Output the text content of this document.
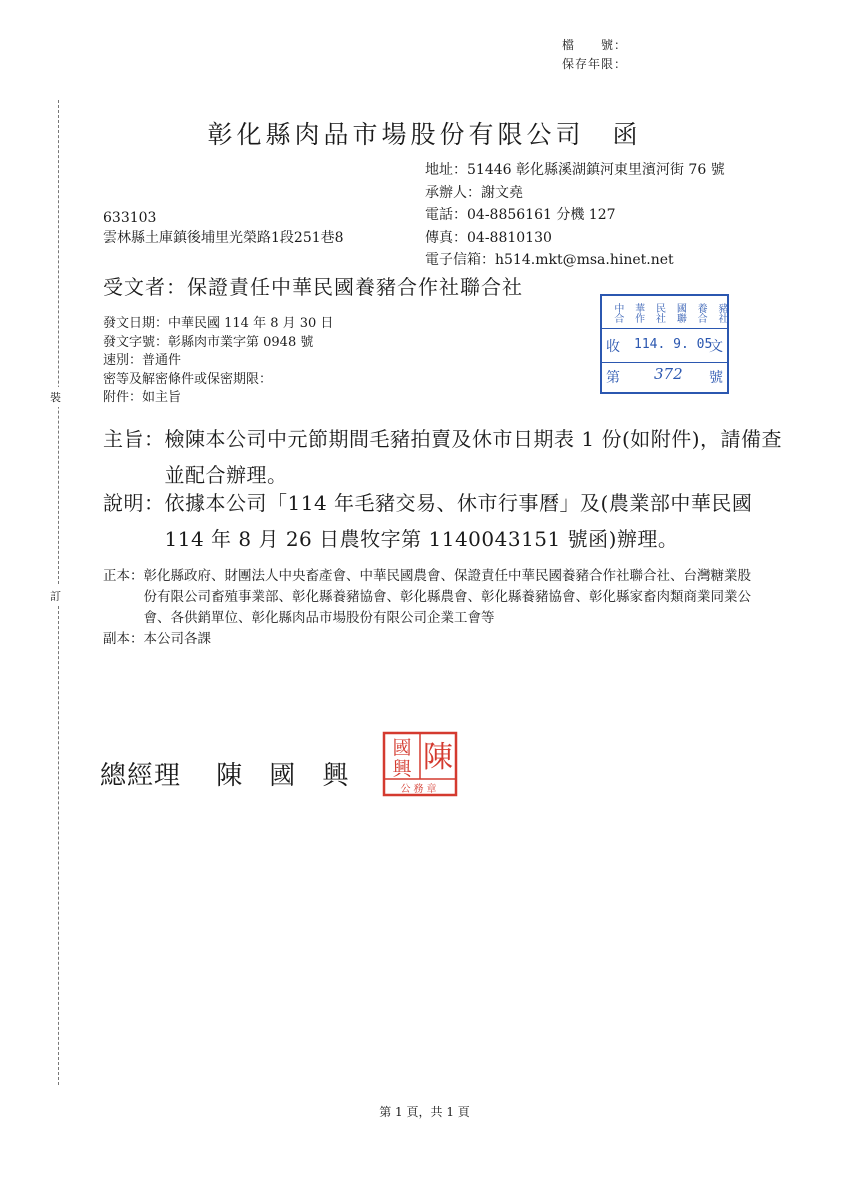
檔　　號：
保存年限：
裝
訂
彰化縣肉品市場股份有限公司 函
地址：51446 彰化縣溪湖鎮河東里濱河街 76 號
承辦人：謝文堯
電話：04-8856161 分機 127
傳真：04-8810130
電子信箱：h514.mkt@msa.hinet.net
633103
雲林縣土庫鎮後埔里光榮路1段251巷8
受文者：保證責任中華民國養豬合作社聯合社
發文日期：中華民國 114 年 8 月 30 日
發文字號：彰縣肉市業字第 0948 號
速別：普通件
密等及解密條件或保密期限：
附件：如主旨
中合 華作 民社 國聯 養合 豬社
收 114. 9. 05
文
第 372 號
主旨： 檢陳本公司中元節期間毛豬拍賣及休市日期表 1 份(如附件)，請備查並配合辦理。
說明： 依據本公司「114 年毛豬交易、休市行事曆」及(農業部中華民國 114 年 8 月 26 日農牧字第 1140043151 號函)辦理。
正本： 彰化縣政府、財團法人中央畜產會、中華民國農會、保證責任中華民國養豬合作社聯合社、台灣糖業股份有限公司畜殖事業部、彰化縣養豬協會、彰化縣農會、彰化縣養豬協會、彰化縣家畜肉類商業同業公會、各供銷單位、彰化縣肉品市場股份有限公司企業工會等
副本： 本公司各課
總經理 陳 國 興
陳
國
興
公務章
第 1 頁，共 1 頁
